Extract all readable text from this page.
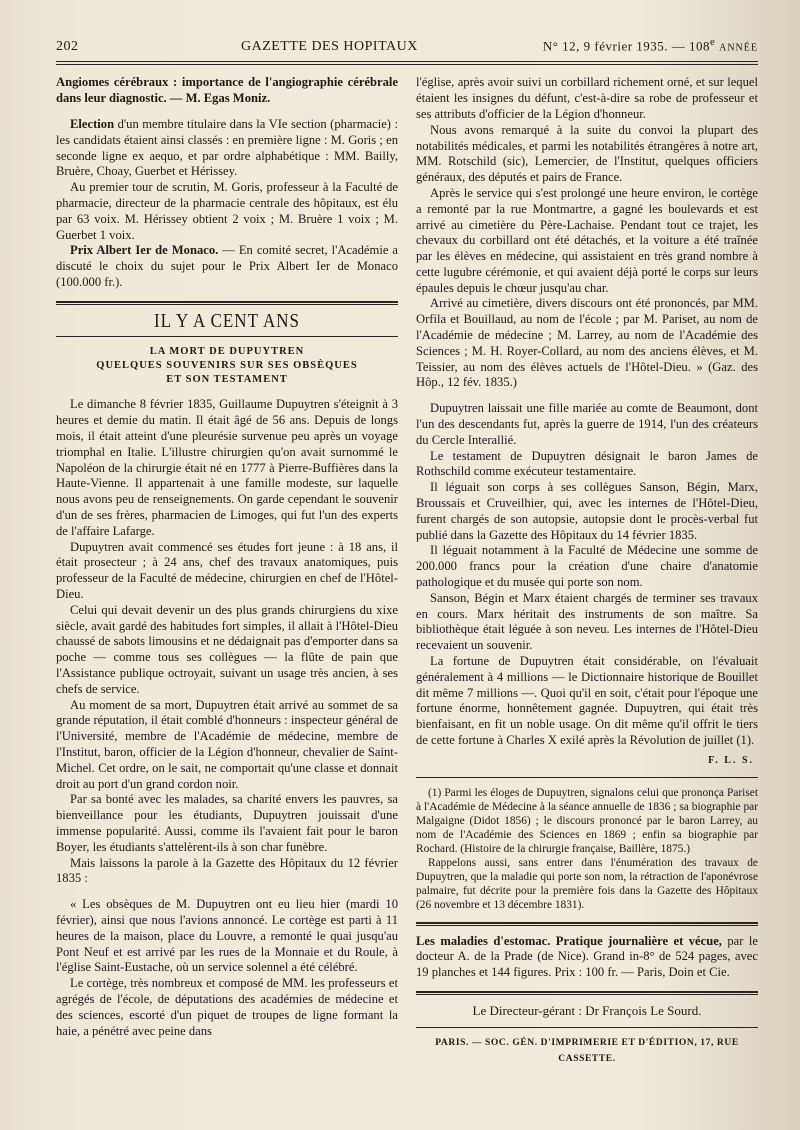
202	GAZETTE DES HOPITAUX	N° 12, 9 février 1935. — 108e ANNÉE

Angiomes cérébraux : importance de l'angiographie cérébrale dans leur diagnostic. — M. Egas Moniz.

Election d'un membre titulaire dans la VIe section (pharmacie) : les candidats étaient ainsi classés : en première ligne : M. Goris ; en seconde ligne ex aequo, et par ordre alphabétique : MM. Bailly, Bruère, Choay, Guerbet et Hérissey.

Au premier tour de scrutin, M. Goris, professeur à la Faculté de pharmacie, directeur de la pharmacie centrale des hôpitaux, est élu par 63 voix. M. Hérissey obtient 2 voix ; M. Bruère 1 voix ; M. Guerbet 1 voix.

Prix Albert Ier de Monaco. — En comité secret, l'Académie a discuté le choix du sujet pour le Prix Albert Ier de Monaco (100.000 fr.).

IL Y A CENT ANS
LA MORT DE DUPUYTREN
QUELQUES SOUVENIRS SUR SES OBSÈQUES
ET SON TESTAMENT

Le dimanche 8 février 1835, Guillaume Dupuytren s'éteignit à 3 heures et demie du matin. Il était âgé de 56 ans. Depuis de longs mois, il était atteint d'une pleurésie survenue peu après un voyage triomphal en Italie. L'illustre chirurgien qu'on avait surnommé le Napoléon de la chirurgie était né en 1777 à Pierre-Buffières dans la Haute-Vienne. Il appartenait à une famille modeste, sur laquelle nous avons peu de renseignements. On garde cependant le souvenir d'un de ses frères, pharmacien de Limoges, qui fut l'un des experts de l'affaire Lafarge.

Dupuytren avait commencé ses études fort jeune : à 18 ans, il était prosecteur ; à 24 ans, chef des travaux anatomiques, puis professeur de la Faculté de médecine, chirurgien en chef de l'Hôtel-Dieu.

Celui qui devait devenir un des plus grands chirurgiens du xixe siècle, avait gardé des habitudes fort simples, il allait à l'Hôtel-Dieu chaussé de sabots limousins et ne dédaignait pas d'emporter dans sa poche — comme tous ses collègues — la flûte de pain que l'Assistance publique octroyait, suivant un usage très ancien, à ses chefs de service.

Au moment de sa mort, Dupuytren était arrivé au sommet de sa grande réputation, il était comblé d'honneurs : inspecteur général de l'Université, membre de l'Académie de médecine, membre de l'Institut, baron, officier de la Légion d'honneur, chevalier de Saint-Michel. Cet ordre, on le sait, ne comportait qu'une classe et donnait droit au port d'un grand cordon noir.

Par sa bonté avec les malades, sa charité envers les pauvres, sa bienveillance pour les étudiants, Dupuytren jouissait d'une immense popularité. Aussi, comme ils l'avaient fait pour le baron Boyer, les étudiants s'attelèrent-ils à son char funèbre.

Mais laissons la parole à la Gazette des Hôpitaux du 12 février 1835 :

« Les obsèques de M. Dupuytren ont eu lieu hier (mardi 10 février), ainsi que nous l'avions annoncé. Le cortège est parti à 11 heures de la maison, place du Louvre, a remonté le quai jusqu'au Pont Neuf et est arrivé par les rues de la Monnaie et du Roule, à l'église Saint-Eustache, où un service solennel a été célébré.

Le cortège, très nombreux et composé de MM. les professeurs et agrégés de l'école, de députations des académies de médecine et des sciences, escorté d'un piquet de troupes de ligne formant la haie, a pénétré avec peine dans

l'église, après avoir suivi un corbillard richement orné, et sur lequel étaient les insignes du défunt, c'est-à-dire sa robe de professeur et ses attributs d'officier de la Légion d'honneur.

Nous avons remarqué à la suite du convoi la plupart des notabilités médicales, et parmi les notabilités étrangères à notre art, MM. Rotschild (sic), Lemercier, de l'Institut, quelques officiers généraux, des députés et pairs de France.

Après le service qui s'est prolongé une heure environ, le cortège a remonté par la rue Montmartre, a gagné les boulevards et est arrivé au cimetière du Père-Lachaise. Pendant tout ce trajet, les chevaux du corbillard ont été détachés, et la voiture a été traînée par les élèves en médecine, qui assistaient en très grand nombre à cette lugubre cérémonie, et qui avaient déjà porté le corps sur leurs épaules depuis le chœur jusqu'au char.

Arrivé au cimetière, divers discours ont été prononcés, par MM. Orfila et Bouillaud, au nom de l'école ; par M. Pariset, au nom de l'Académie de médecine ; M. Larrey, au nom de l'Académie des Sciences ; M. H. Royer-Collard, au nom des anciens élèves, et M. Teissier, au nom des élèves actuels de l'Hôtel-Dieu. » (Gaz. des Hôp., 12 fév. 1835.)

Dupuytren laissait une fille mariée au comte de Beaumont, dont l'un des descendants fut, après la guerre de 1914, l'un des créateurs du Cercle Interallié.

Le testament de Dupuytren désignait le baron James de Rothschild comme exécuteur testamentaire.

Il léguait son corps à ses collègues Sanson, Bégin, Marx, Broussais et Cruveilhier, qui, avec les internes de l'Hôtel-Dieu, furent chargés de son autopsie, autopsie dont le procès-verbal fut publié dans la Gazette des Hôpitaux du 14 février 1835.

Il léguait notamment à la Faculté de Médecine une somme de 200.000 francs pour la création d'une chaire d'anatomie pathologique et du musée qui porte son nom.

Sanson, Bégin et Marx étaient chargés de terminer ses travaux en cours. Marx héritait des instruments de son maître. Sa bibliothèque était léguée à son neveu. Les internes de l'Hôtel-Dieu recevaient un souvenir.

La fortune de Dupuytren était considérable, on l'évaluait généralement à 4 millions — le Dictionnaire historique de Bouillet dit même 7 millions —. Quoi qu'il en soit, c'était pour l'époque une fortune énorme, honnêtement gagnée. Dupuytren, qui était très bienfaisant, en fit un noble usage. On dit même qu'il offrit le tiers de cette fortune à Charles X exilé après la Révolution de juillet (1).

F. L. S.

(1) Parmi les éloges de Dupuytren, signalons celui que prononça Pariset à l'Académie de Médecine à la séance annuelle de 1836 ; sa biographie par Malgaigne (Didot 1856) ; le discours prononcé par le baron Larrey, au nom de l'Académie des Sciences en 1869 ; enfin sa biographie par Rochard. (Histoire de la chirurgie française, Baillère, 1875.)

Rappelons aussi, sans entrer dans l'énumération des travaux de Dupuytren, que la maladie qui porte son nom, la rétraction de l'aponévrose palmaire, fut décrite pour la première fois dans la Gazette des Hôpitaux (26 novembre et 13 décembre 1831).

Les maladies d'estomac. Pratique journalière et vécue, par le docteur A. de la Prade (de Nice). Grand in-8° de 524 pages, avec 19 planches et 144 figures. Prix : 100 fr. — Paris, Doin et Cie.

Le Directeur-gérant : Dr François Le Sourd.
PARIS. — SOC. GÉN. D'IMPRIMERIE ET D'ÉDITION, 17, RUE CASSETTE.
